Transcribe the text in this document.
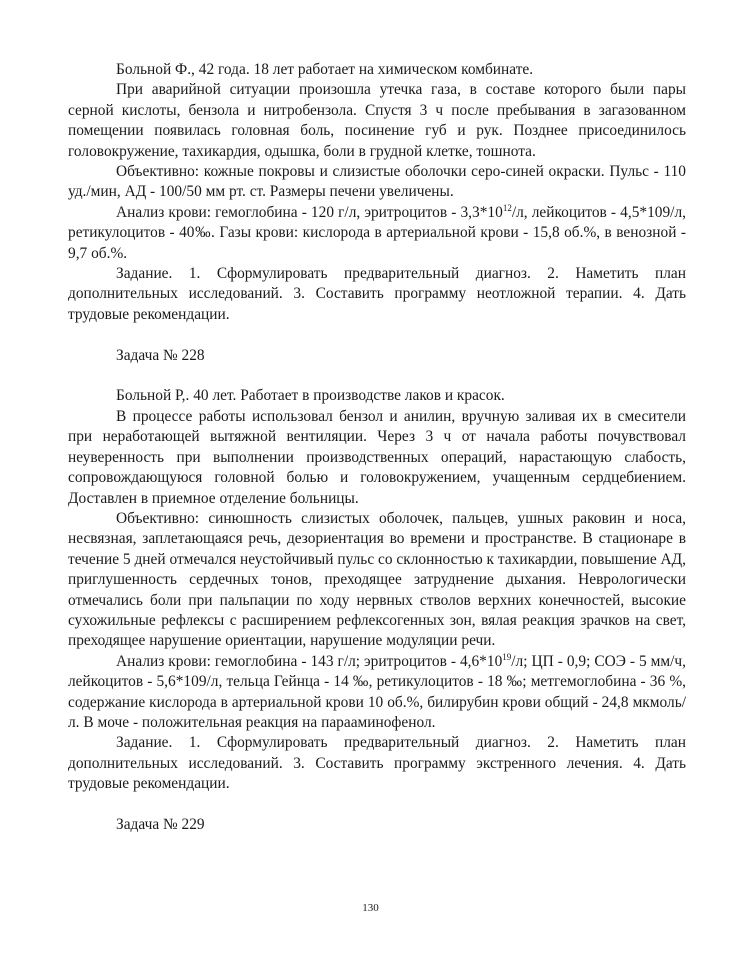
Больной Ф., 42 года. 18 лет работает на химическом комбинате.

При аварийной ситуации произошла утечка газа, в составе которого были пары серной кислоты, бензола и нитробензола. Спустя 3 ч после пребывания в загазованном помещении появилась головная боль, посинение губ и рук. Позднее присоединилось головокружение, тахикардия, одышка, боли в грудной клетке, тошнота.

Объективно: кожные покровы и слизистые оболочки серо-синей окраски. Пульс - 110 уд./мин, АД - 100/50 мм рт. ст. Размеры печени увеличены.

Анализ крови: гемоглобина - 120 г/л, эритроцитов - $3,3*10^{12}/л$, лейкоцитов - 4,5*109/л, ретикулоцитов - 40‰. Газы крови: кислорода в артериальной крови - 15,8 об.%, в венозной - 9,7 об.%.

Задание. 1. Сформулировать предварительный диагноз. 2. Наметить план дополнительных исследований. 3. Составить программу неотложной терапии. 4. Дать трудовые рекомендации.

Задача № 228

Больной Р,. 40 лет. Работает в производстве лаков и красок.

В процессе работы использовал бензол и анилин, вручную заливая их в смесители при неработающей вытяжной вентиляции. Через 3 ч от начала работы почувствовал неуверенность при выполнении производственных операций, нарастающую слабость, сопровождающуюся головной болью и головокружением, учащенным сердцебиением. Доставлен в приемное отделение больницы.

Объективно: синюшность слизистых оболочек, пальцев, ушных раковин и носа, несвязная, заплетающаяся речь, дезориентация во времени и пространстве. В стационаре в течение 5 дней отмечался неустойчивый пульс со склонностью к тахикардии, повышение АД, приглушенность сердечных тонов, преходящее затруднение дыхания. Неврологически отмечались боли при пальпации по ходу нервных стволов верхних конечностей, высокие сухожильные рефлексы с расширением рефлексогенных зон, вялая реакция зрачков на свет, преходящее нарушение ориентации, нарушение модуляции речи.

Анализ крови: гемоглобина - 143 г/л; эритроцитов - $4,6*10^{19}/л$; ЦП - 0,9; СОЭ - 5 мм/ч, лейкоцитов - 5,6*109/л, тельца Гейнца - 14 ‰, ретикулоцитов - 18 ‰; метгемоглобина - 36 %, содержание кислорода в артериальной крови 10 об.%, билирубин крови общий - 24,8 мкмоль/л. В моче - положительная реакция на парааминофенол.

Задание. 1. Сформулировать предварительный диагноз. 2. Наметить план дополнительных исследований. 3. Составить программу экстренного лечения. 4. Дать трудовые рекомендации.

Задача № 229

130
